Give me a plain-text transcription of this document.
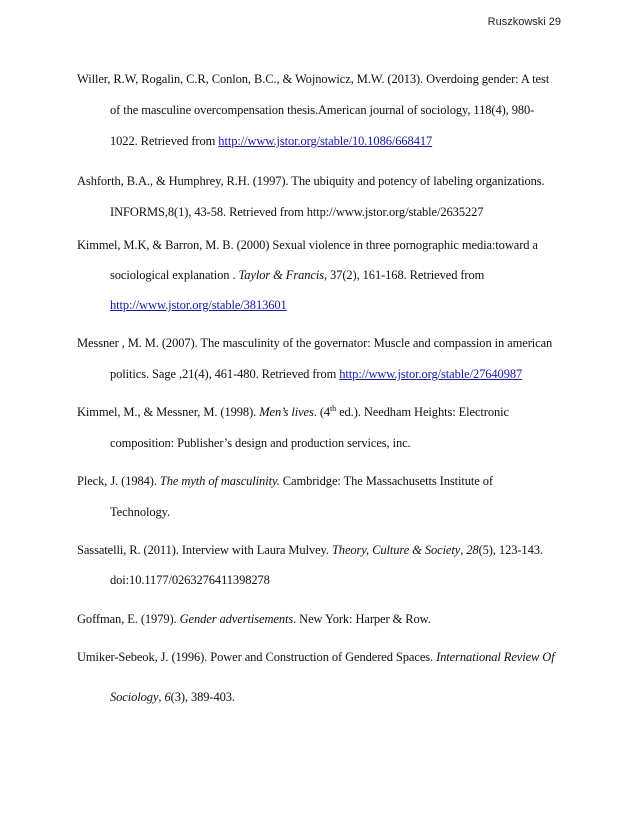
Ruszkowski 29
Willer, R.W, Rogalin, C.R, Conlon, B.C., & Wojnowicz, M.W. (2013). Overdoing gender: A test
of the masculine overcompensation thesis.American journal of sociology, 118(4), 980-
1022. Retrieved from http://www.jstor.org/stable/10.1086/668417
Ashforth, B.A., & Humphrey, R.H. (1997). The ubiquity and potency of labeling organizations.
INFORMS,8(1), 43-58. Retrieved from http://www.jstor.org/stable/2635227
Kimmel, M.K, & Barron, M. B. (2000) Sexual violence in three pornographic media:toward a
sociological explanation . Taylor & Francis, 37(2), 161-168. Retrieved from
http://www.jstor.org/stable/3813601
Messner , M. M. (2007). The masculinity of the governator: Muscle and compassion in american
politics. Sage ,21(4), 461-480. Retrieved from http://www.jstor.org/stable/27640987
Kimmel, M., & Messner, M. (1998). Men’s lives. (4th ed.). Needham Heights: Electronic
composition: Publisher’s design and production services, inc.
Pleck, J. (1984). The myth of masculinity. Cambridge: The Massachusetts Institute of
Technology.
Sassatelli, R. (2011). Interview with Laura Mulvey. Theory, Culture & Society, 28(5), 123-143.
doi:10.1177/0263276411398278
Goffman, E. (1979). Gender advertisements. New York: Harper & Row.
Umiker-Sebeok, J. (1996). Power and Construction of Gendered Spaces. International Review Of
Sociology, 6(3), 389-403.
